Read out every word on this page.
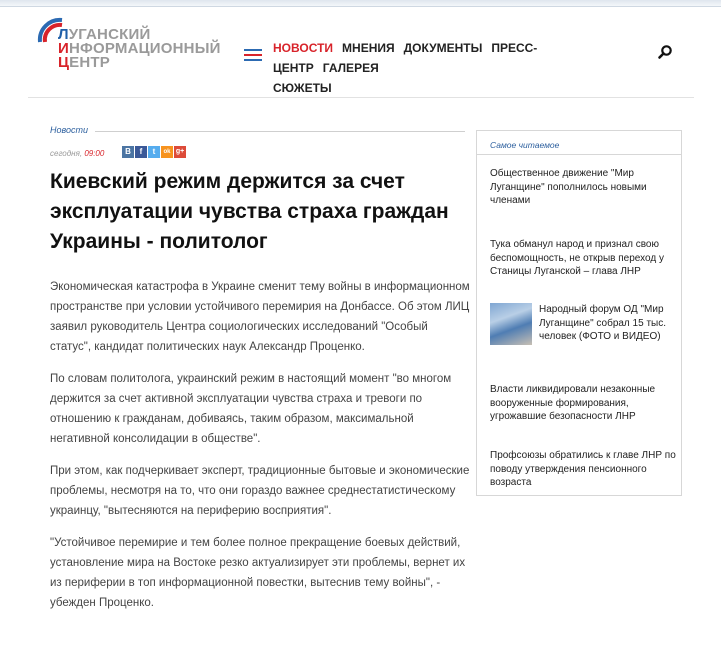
ЛУГАНСКИЙ
ИНФОРМАЦИОННЫЙ
ЦЕНТР
НОВОСТИ МНЕНИЯ ДОКУМЕНТЫ ПРЕСС-ЦЕНТР ГАЛЕРЕЯ
СЮЖЕТЫ
Новости
сегодня, 09:00	В f t ok g+
Киевский режим держится за счет эксплуатации чувства страха граждан Украины - политолог

Экономическая катастрофа в Украине сменит тему войны в информационном пространстве при условии устойчивого перемирия на Донбассе. Об этом ЛИЦ заявил руководитель Центра социологических исследований "Особый статус", кандидат политических наук Александр Проценко.

По словам политолога, украинский режим в настоящий момент "во многом держится за счет активной эксплуатации чувства страха и тревоги по отношению к гражданам, добиваясь, таким образом, максимальной негативной консолидации в обществе".

При этом, как подчеркивает эксперт, традиционные бытовые и экономические проблемы, несмотря на то, что они гораздо важнее среднестатистическому украинцу, "вытесняются на периферию восприятия".

"Устойчивое перемирие и тем более полное прекращение боевых действий, установление мира на Востоке резко актуализирует эти проблемы, вернет их из периферии в топ информационной повестки, вытеснив тему войны", - убежден Проценко.

Самое читаемое
Общественное движение "Мир Луганщине" пополнилось новыми членами
Тука обманул народ и признал свою беспомощность, не открыв переход у Станицы Луганской – глава ЛНР
Народный форум ОД "Мир Луганщине" собрал 15 тыс. человек (ФОТО и ВИДЕО)
Власти ликвидировали незаконные вооруженные формирования, угрожавшие безопасности ЛНР
Профсоюзы обратились к главе ЛНР по поводу утверждения пенсионного возраста
